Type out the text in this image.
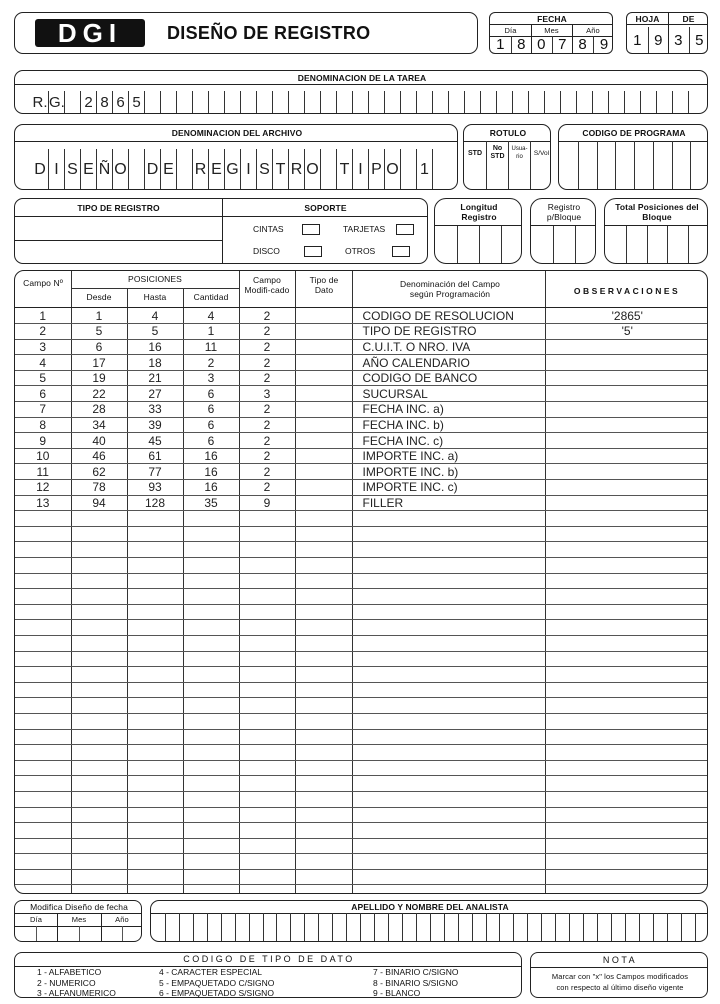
DGI	DISEÑO DE REGISTRO
FECHA
Día	Mes	Año
1 8 0 7 8 9
HOJA	DE
1 9 3 5
DENOMINACION DE LA TAREA
R. G. 2 8 6 5
DENOMINACION DEL ARCHIVO
D I S E Ñ O D E R E G I S T R O T I P O 1
ROTULO
STD
No STD
Usua-rio	S/Vol
CODIGO DE PROGRAMA
TIPO DE REGISTRO	SOPORTE
CINTAS	TARJETAS
DISCO	OTROS
Longitud Registro
Registro p/Bloque
Total Posiciones del Bloque
Campo Nº	POSICIONES
Desde	Hasta	Cantidad
Campo Modifi-cado
Tipo de Dato
Denominación del Campo según Programación	OBSERVACIONES
1	1	4	4	2		CODIGO DE RESOLUCION	'2865'
2	5	5	1	2		TIPO DE REGISTRO	'5'
3	6	16	11	2		C.U.I.T. O NRO. IVA	
4	17	18	2	2		AÑO CALENDARIO	
5	19	21	3	2		CODIGO DE BANCO	
6	22	27	6	3		SUCURSAL	
7	28	33	6	2		FECHA INC. a)	
8	34	39	6	2		FECHA INC. b)	
9	40	45	6	2		FECHA INC. c)	
10	46	61	16	2		IMPORTE INC. a)	
11	62	77	16	2		IMPORTE INC. b)	
12	78	93	16	2		IMPORTE INC. c)	
13	94	128	35	9		FILLER	

Modifica Diseño de fecha
Día	Mes	Año
APELLIDO Y NOMBRE DEL ANALISTA
CODIGO DE TIPO DE DATO
1 - ALFABETICO
2 - NUMERICO
3 - ALFANUMERICO
4 - CARACTER ESPECIAL
5 - EMPAQUETADO C/SIGNO
6 - EMPAQUETADO S/SIGNO
7 - BINARIO C/SIGNO
8 - BINARIO S/SIGNO
9 - BLANCO
NOTA
Marcar con "x" los Campos modificados
con respecto al último diseño vigente
